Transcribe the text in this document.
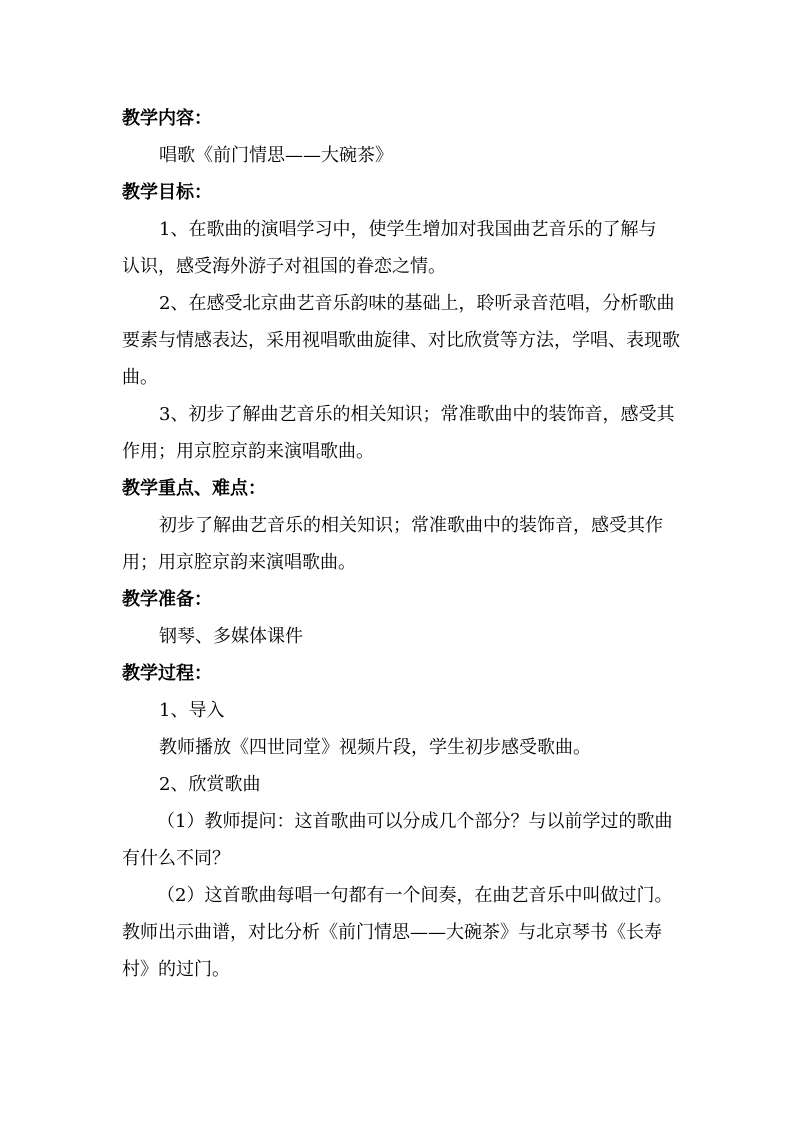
教学内容：
唱歌《前门情思——大碗茶》
教学目标：
1、在歌曲的演唱学习中，使学生增加对我国曲艺音乐的了解与
认识，感受海外游子对祖国的眷恋之情。
2、在感受北京曲艺音乐韵味的基础上，聆听录音范唱，分析歌曲
要素与情感表达，采用视唱歌曲旋律、对比欣赏等方法，学唱、表现歌
曲。
3、初步了解曲艺音乐的相关知识；常准歌曲中的装饰音，感受其
作用；用京腔京韵来演唱歌曲。
教学重点、难点：
初步了解曲艺音乐的相关知识；常准歌曲中的装饰音，感受其作
用；用京腔京韵来演唱歌曲。
教学准备：
钢琴、多媒体课件
教学过程：
1、导入
教师播放《四世同堂》视频片段，学生初步感受歌曲。
2、欣赏歌曲
（1）教师提问：这首歌曲可以分成几个部分？与以前学过的歌曲
有什么不同？
（2）这首歌曲每唱一句都有一个间奏，在曲艺音乐中叫做过门。
教师出示曲谱，对比分析《前门情思——大碗茶》与北京琴书《长寿
村》的过门。
